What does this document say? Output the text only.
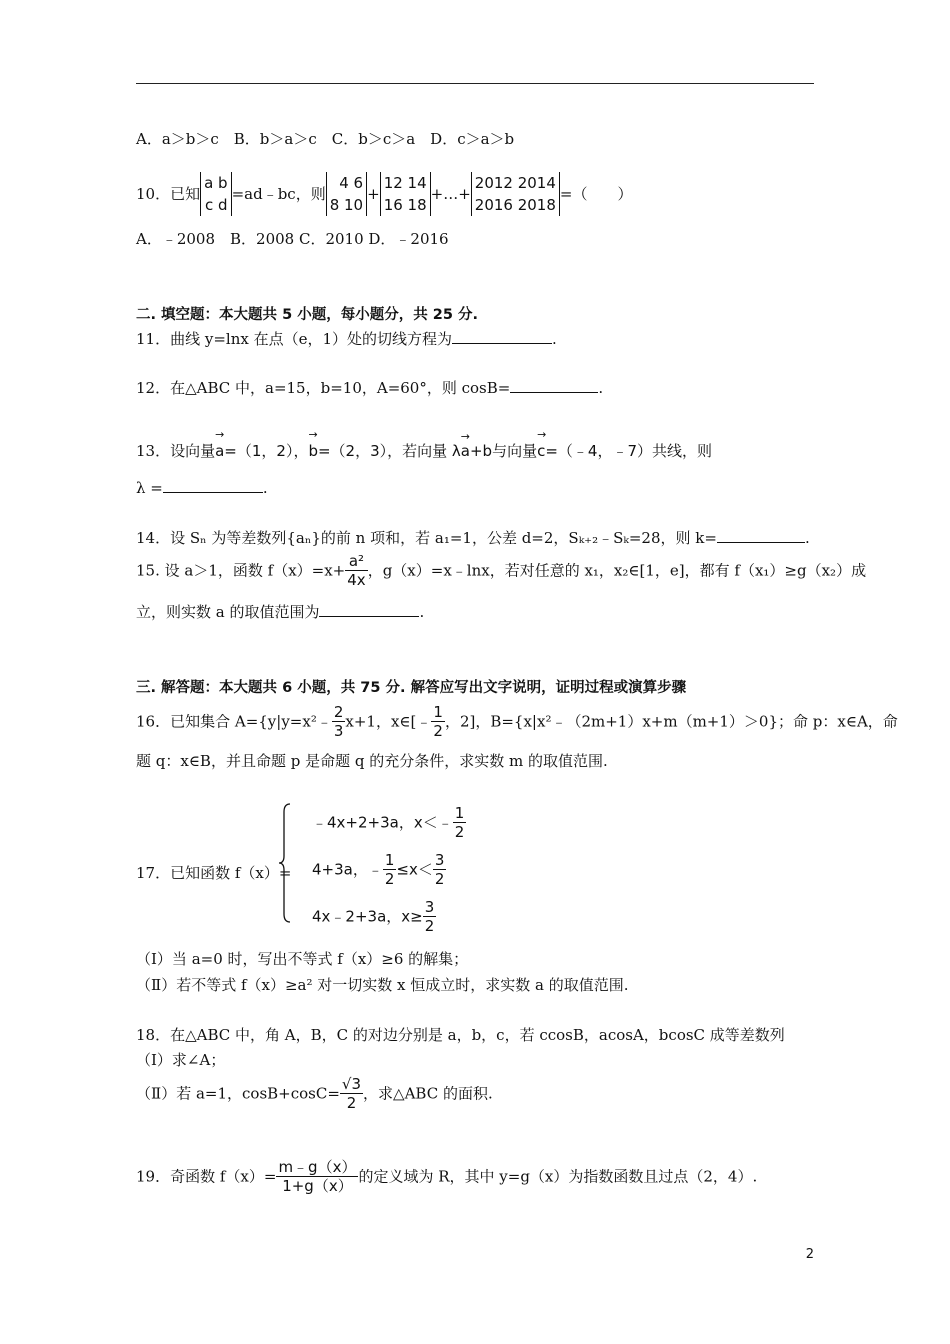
A．a＞b＞c　B．b＞a＞c　C．b＞c＞a　D．c＞a＞b
10．已知
a b
c d
=ad﹣bc，则
4 6
8 10
+
12 14
16 18
+…+
2012 2014
2016 2018
=（　　）
A．﹣2008　B．2008 C．2010 D．﹣2016
二. 填空题：本大题共 5 小题，每小题分，共 25 分.
11．曲线 y=lnx 在点（e，1）处的切线方程为	.
12．在△ABC 中，a=15，b=10，A=60°，则 cosB=	.
13．设向量→ a=（1，2），→ b=（2，3），若向量 λ→ a+b与向量→ c=（﹣4，﹣7）共线，则
λ =	.
14．设 Sₙ 为等差数列{aₙ}的前 n 项和，若 a₁=1，公差 d=2，Sₖ₊₂﹣Sₖ=28，则 k=	.
15. 设 a＞1，函数 $f(x)=x+ \frac{\text{a²}}{4x}$ ，g（x）=x﹣lnx，若对任意的 x₁，x₂∈[1，e]，都有 f（x₁）≥g（x₂）成
立，则实数 a 的取值范围为	.
三. 解答题：本大题共 6 小题，共 75 分. 解答应写出文字说明，证明过程或演算步骤
16．已知集合 A={y|y=x²﹣ $\frac{2}{3} x+1$，x∈[﹣ $\frac{1}{2}$ ，2]，B={x|x²﹣（2m+1）x+m（m+1）＞0}；命 p：x∈A，命
题 q：x∈B，并且命题 p 是命题 q 的充分条件，求实数 m 的取值范围.
17．已知函数 f（x）=
﹣4x+2+3a，x＜﹣ $\frac{1}{2}$
4+3a，﹣ $\frac{1}{2} \le x< \frac{3}{2}$
4x﹣2+3a，$x\ge \frac{3}{2}$
（Ⅰ）当 a=0 时，写出不等式 f（x）≥6 的解集；
（Ⅱ）若不等式 f（x）≥a² 对一切实数 x 恒成立时，求实数 a 的取值范围.
18．在△ABC 中，角 A，B，C 的对边分别是 a，b，c，若 ccosB，acosA，bcosC 成等差数列
（Ⅰ）求∠A；
（Ⅱ）若 a=1，$\cos B+\cos C= \frac{√3}{2}$ ，求△ABC 的面积.
19．奇函数 $f(x)= \frac{m﹣g(x)}{1+g(x)}$ 的定义域为 R，其中 y=g（x）为指数函数且过点（2，4）.
2
